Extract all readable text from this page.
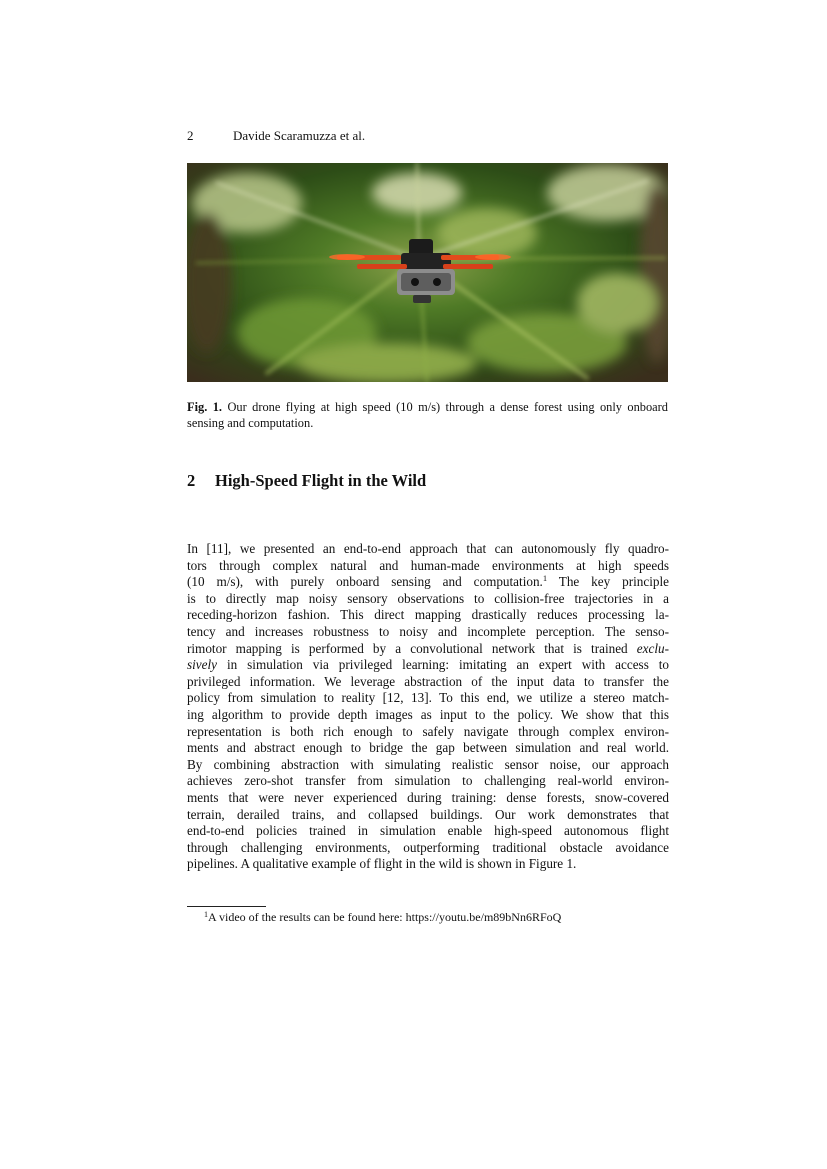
2	Davide Scaramuzza et al.
Fig. 1. Our drone flying at high speed (10 m/s) through a dense forest using only onboard sensing and computation.
2 High-Speed Flight in the Wild
In [11], we presented an end-to-end approach that can autonomously fly quadro-
tors through complex natural and human-made environments at high speeds
(10 m/s), with purely onboard sensing and computation.$^1$ The key principle
is to directly map noisy sensory observations to collision-free trajectories in a
receding-horizon fashion. This direct mapping drastically reduces processing la-
tency and increases robustness to noisy and incomplete perception. The senso-
rimotor mapping is performed by a convolutional network that is trained exclu-
sively in simulation via privileged learning: imitating an expert with access to
privileged information. We leverage abstraction of the input data to transfer the
policy from simulation to reality [12, 13]. To this end, we utilize a stereo match-
ing algorithm to provide depth images as input to the policy. We show that this
representation is both rich enough to safely navigate through complex environ-
ments and abstract enough to bridge the gap between simulation and real world.
By combining abstraction with simulating realistic sensor noise, our approach
achieves zero-shot transfer from simulation to challenging real-world environ-
ments that were never experienced during training: dense forests, snow-covered
terrain, derailed trains, and collapsed buildings. Our work demonstrates that
end-to-end policies trained in simulation enable high-speed autonomous flight
through challenging environments, outperforming traditional obstacle avoidance
pipelines. A qualitative example of flight in the wild is shown in Figure 1.
$^1$A video of the results can be found here: https://youtu.be/m89bNn6RFoQ
